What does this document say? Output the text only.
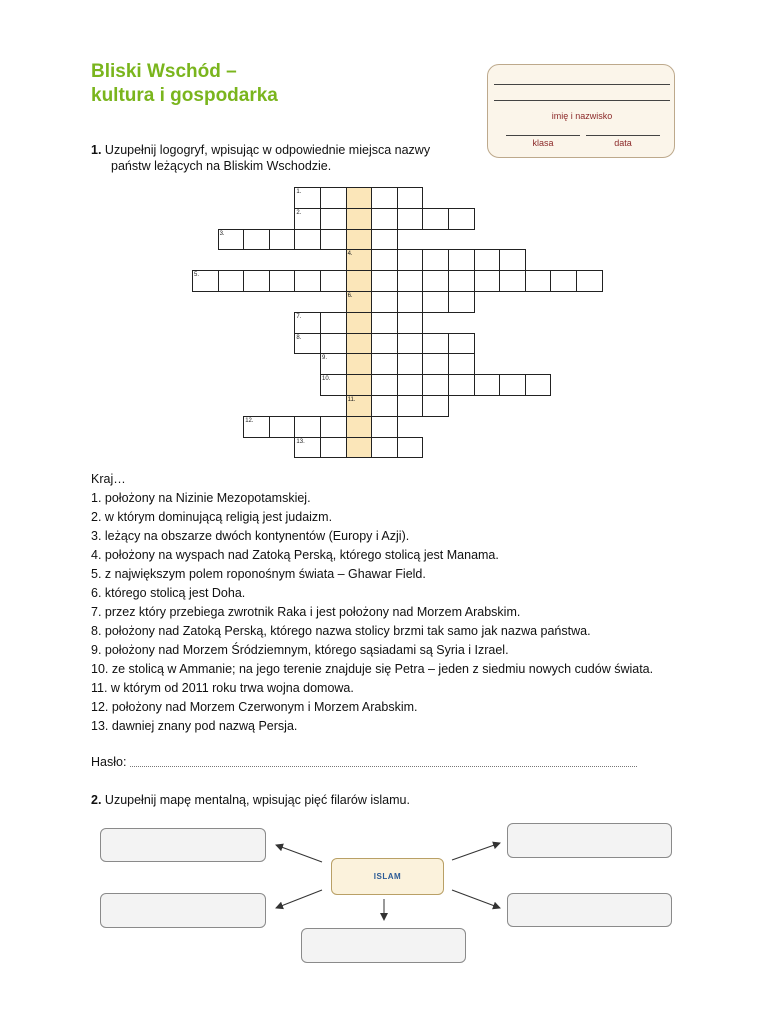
Bliski Wschód –
kultura i gospodarka
imię i nazwisko
klasa	data
1. Uzupełnij logogryf, wpisując w odpowiednie miejsca nazwy
państw leżących na Bliskim Wschodzie.
1.
2.
3.
4.
5.
6.
7.
8.
9.
10.
11.
12.
13.
Kraj…
1. położony na Nizinie Mezopotamskiej.
2. w którym dominującą religią jest judaizm.
3. leżący na obszarze dwóch kontynentów (Europy i Azji).
4. położony na wyspach nad Zatoką Perską, którego stolicą jest Manama.
5. z największym polem roponośnym świata – Ghawar Field.
6. którego stolicą jest Doha.
7. przez który przebiega zwrotnik Raka i jest położony nad Morzem Arabskim.
8. położony nad Zatoką Perską, którego nazwa stolicy brzmi tak samo jak nazwa państwa.
9. położony nad Morzem Śródziemnym, którego sąsiadami są Syria i Izrael.
10. ze stolicą w Ammanie; na jego terenie znajduje się Petra – jeden z siedmiu nowych cudów świata.
11. w którym od 2011 roku trwa wojna domowa.
12. położony nad Morzem Czerwonym i Morzem Arabskim.
13. dawniej znany pod nazwą Persja.
Hasło:
2. Uzupełnij mapę mentalną, wpisując pięć filarów islamu.
ISLAM
